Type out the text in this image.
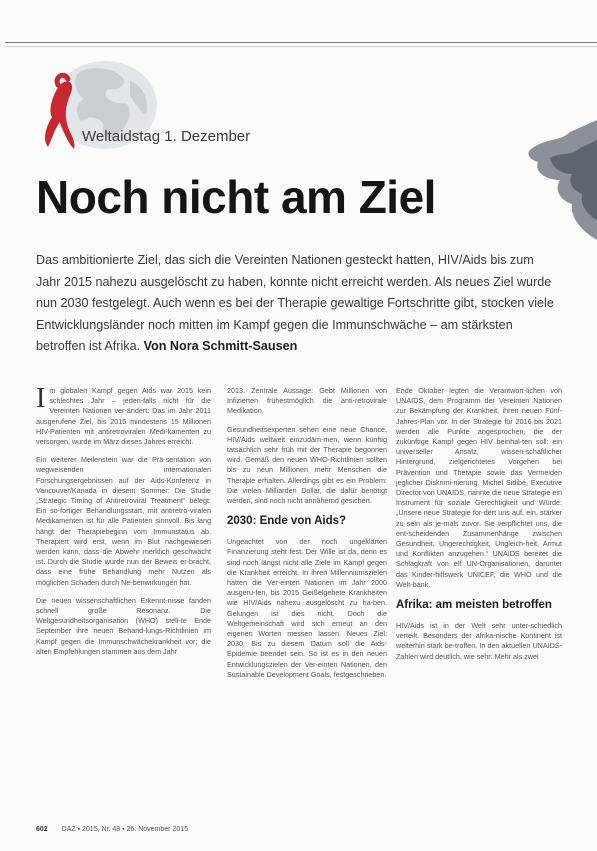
Weltaidstag 1. Dezember
Noch nicht am Ziel
Das ambitionierte Ziel, das sich die Vereinten Nationen gesteckt hatten, HIV/Aids bis zum Jahr 2015 nahezu ausgelöscht zu haben, konnte nicht erreicht werden. Als neues Ziel wurde nun 2030 festgelegt. Auch wenn es bei der Therapie gewaltige Fortschritte gibt, stocken viele Entwicklungsländer noch mitten im Kampf gegen die Immunschwäche – am stärksten betroffen ist Afrika. Von Nora Schmitt-Sausen

Im globalen Kampf gegen Aids war 2015 kein schlechtes Jahr – jeden-falls nicht für die Vereinten Nationen ver-ändert: Das im Jahr 2011 ausgerufene Ziel, bis 2015 mindestens 15 Millionen HIV-Patienten mit antiretroviralen Medi-kamenten zu versorgen, wurde im März dieses Jahres erreicht.

Ein weiterer Meilenstein war die Prä-sentation von wegweisenden internationalen Forschungsergebnissen auf der Aids-Konferenz in Vancouver/Kanada in diesem Sommer: Die Studie „Strategic Timing of Antiretroviral Treatment“ belegt: Ein so-fortiger Behandlungsstart, mit antiretro-viralen Medikamenten ist für alle Patienten sinnvoll. Bis lang hängt der Therapiebeginn vom Immunstatus ab. Therapiert wird erst, wenn im Blut nachgewiesen werden kann, dass die Abwehr merklich geschwächt ist. Durch die Studie wurde nun der Beweis er-bracht, dass eine frühe Behandlung mehr Nutzen als möglichen Schaden durch Ne-benwirkungen hat.

Die neuen wissenschaftlichen Erkennt-nisse fanden schnell große Resonanz. Die Weltgesundheitsorganisation (WHO) stell-te Ende September ihre neuen Behand-lungs-Richtlinien im Kampf gegen die Immunschwächekrankheit vor; die alten Empfehlungen stammen aus dem Jahr

2013. Zentrale Aussage: Gebt Millionen von Infizierten frühestmöglich die anti-retrovirale Medikation.

Gesundheitsexperten sehen eine neue Chance, HIV/Aids weltweit einzudäm-men, wenn künftig tatsächlich sehr früh mit der Therapie begonnen wird. Gemäß den neuen WHO-Richtlinien sollten bis zu neun Millionen mehr Menschen die Therapie erhalten. Allerdings gibt es ein Problem: Die vielen Milliarden Dollar, die dafür benötigt werden, sind noch nicht annähernd gesichert.

2030: Ende von Aids?

Ungeachtet von der noch ungeklärten Finanzierung steht fest: Der Wille ist da, denn es sind noch längst nicht alle Ziele im Kampf gegen die Krankheit erreicht. In ihren Millenniumszielen hatten die Ver-einten Nationen im Jahr 2000 ausgeru-fen, bis 2015 Geißelgebete Krankheiten wie HIV/Aids nahezu ausgelöscht zu ha-ben. Gelungen ist dies nicht. Doch die Weltgemeinschaft wird sich erneut an den eigenen Worten messen lassen. Neues Ziel: 2030. Bis zu diesem Datum soll die Aids-Epidemie beendet sein. So ist es in den neuen Entwicklungszielen der Ver-einten Nationen, den Sustainable Development Goals, festgeschrieben.

Ende Oktober legten die Verantwort-lichen von UNAIDS, dem Programm der Vereinten Nationen zur Bekämpfung der Krankheit, ihren neuen Fünf-Jahres-Plan vor. In der Strategie für 2016 bis 2021 werden alle Punkte angesprochen, die der zukünftige Kampf gegen HIV beinhal-ten soll: ein universeller Ansatz, wissen-schaftlicher Hintergrund, zielgerichtetes Vorgehen bei Prävention und Therapie sowie das Vermeiden jeglicher Diskrimi-nierung. Michel Sidibé, Executive Director von UNAIDS, nannte die neue Strategie ein Instrument für soziale Gerechtigkeit und Würde: „Unsere neue Strategie for-dert uns auf, ein, stärker zu sein als je-mals zuvor. Sie verpflichtet uns, die ent-scheidenden Zusammenhänge zwischen Gesundheit, Ungerechtigkeit, Ungleich-heit, Armut und Konflikten anzugehen.“ UNAIDS bereitet die Schlagkraft von elf UN-Organisationen, darunter das Kinder-hilfswerk UNICEF, die WHO und die Welt-bank.

Afrika: am meisten betroffen

HIV/Aids ist in der Welt sehr unter-schiedlich verteilt. Besonders der afrika-nische Kontinent ist weiterhin stark be-troffen. In den aktuellen UNAIDS-Zahlen wird deutlich, wie sehr: Mehr als zwei

602 DAZ ▪ 2015, Nr. 48 ▪ 26. November 2015
